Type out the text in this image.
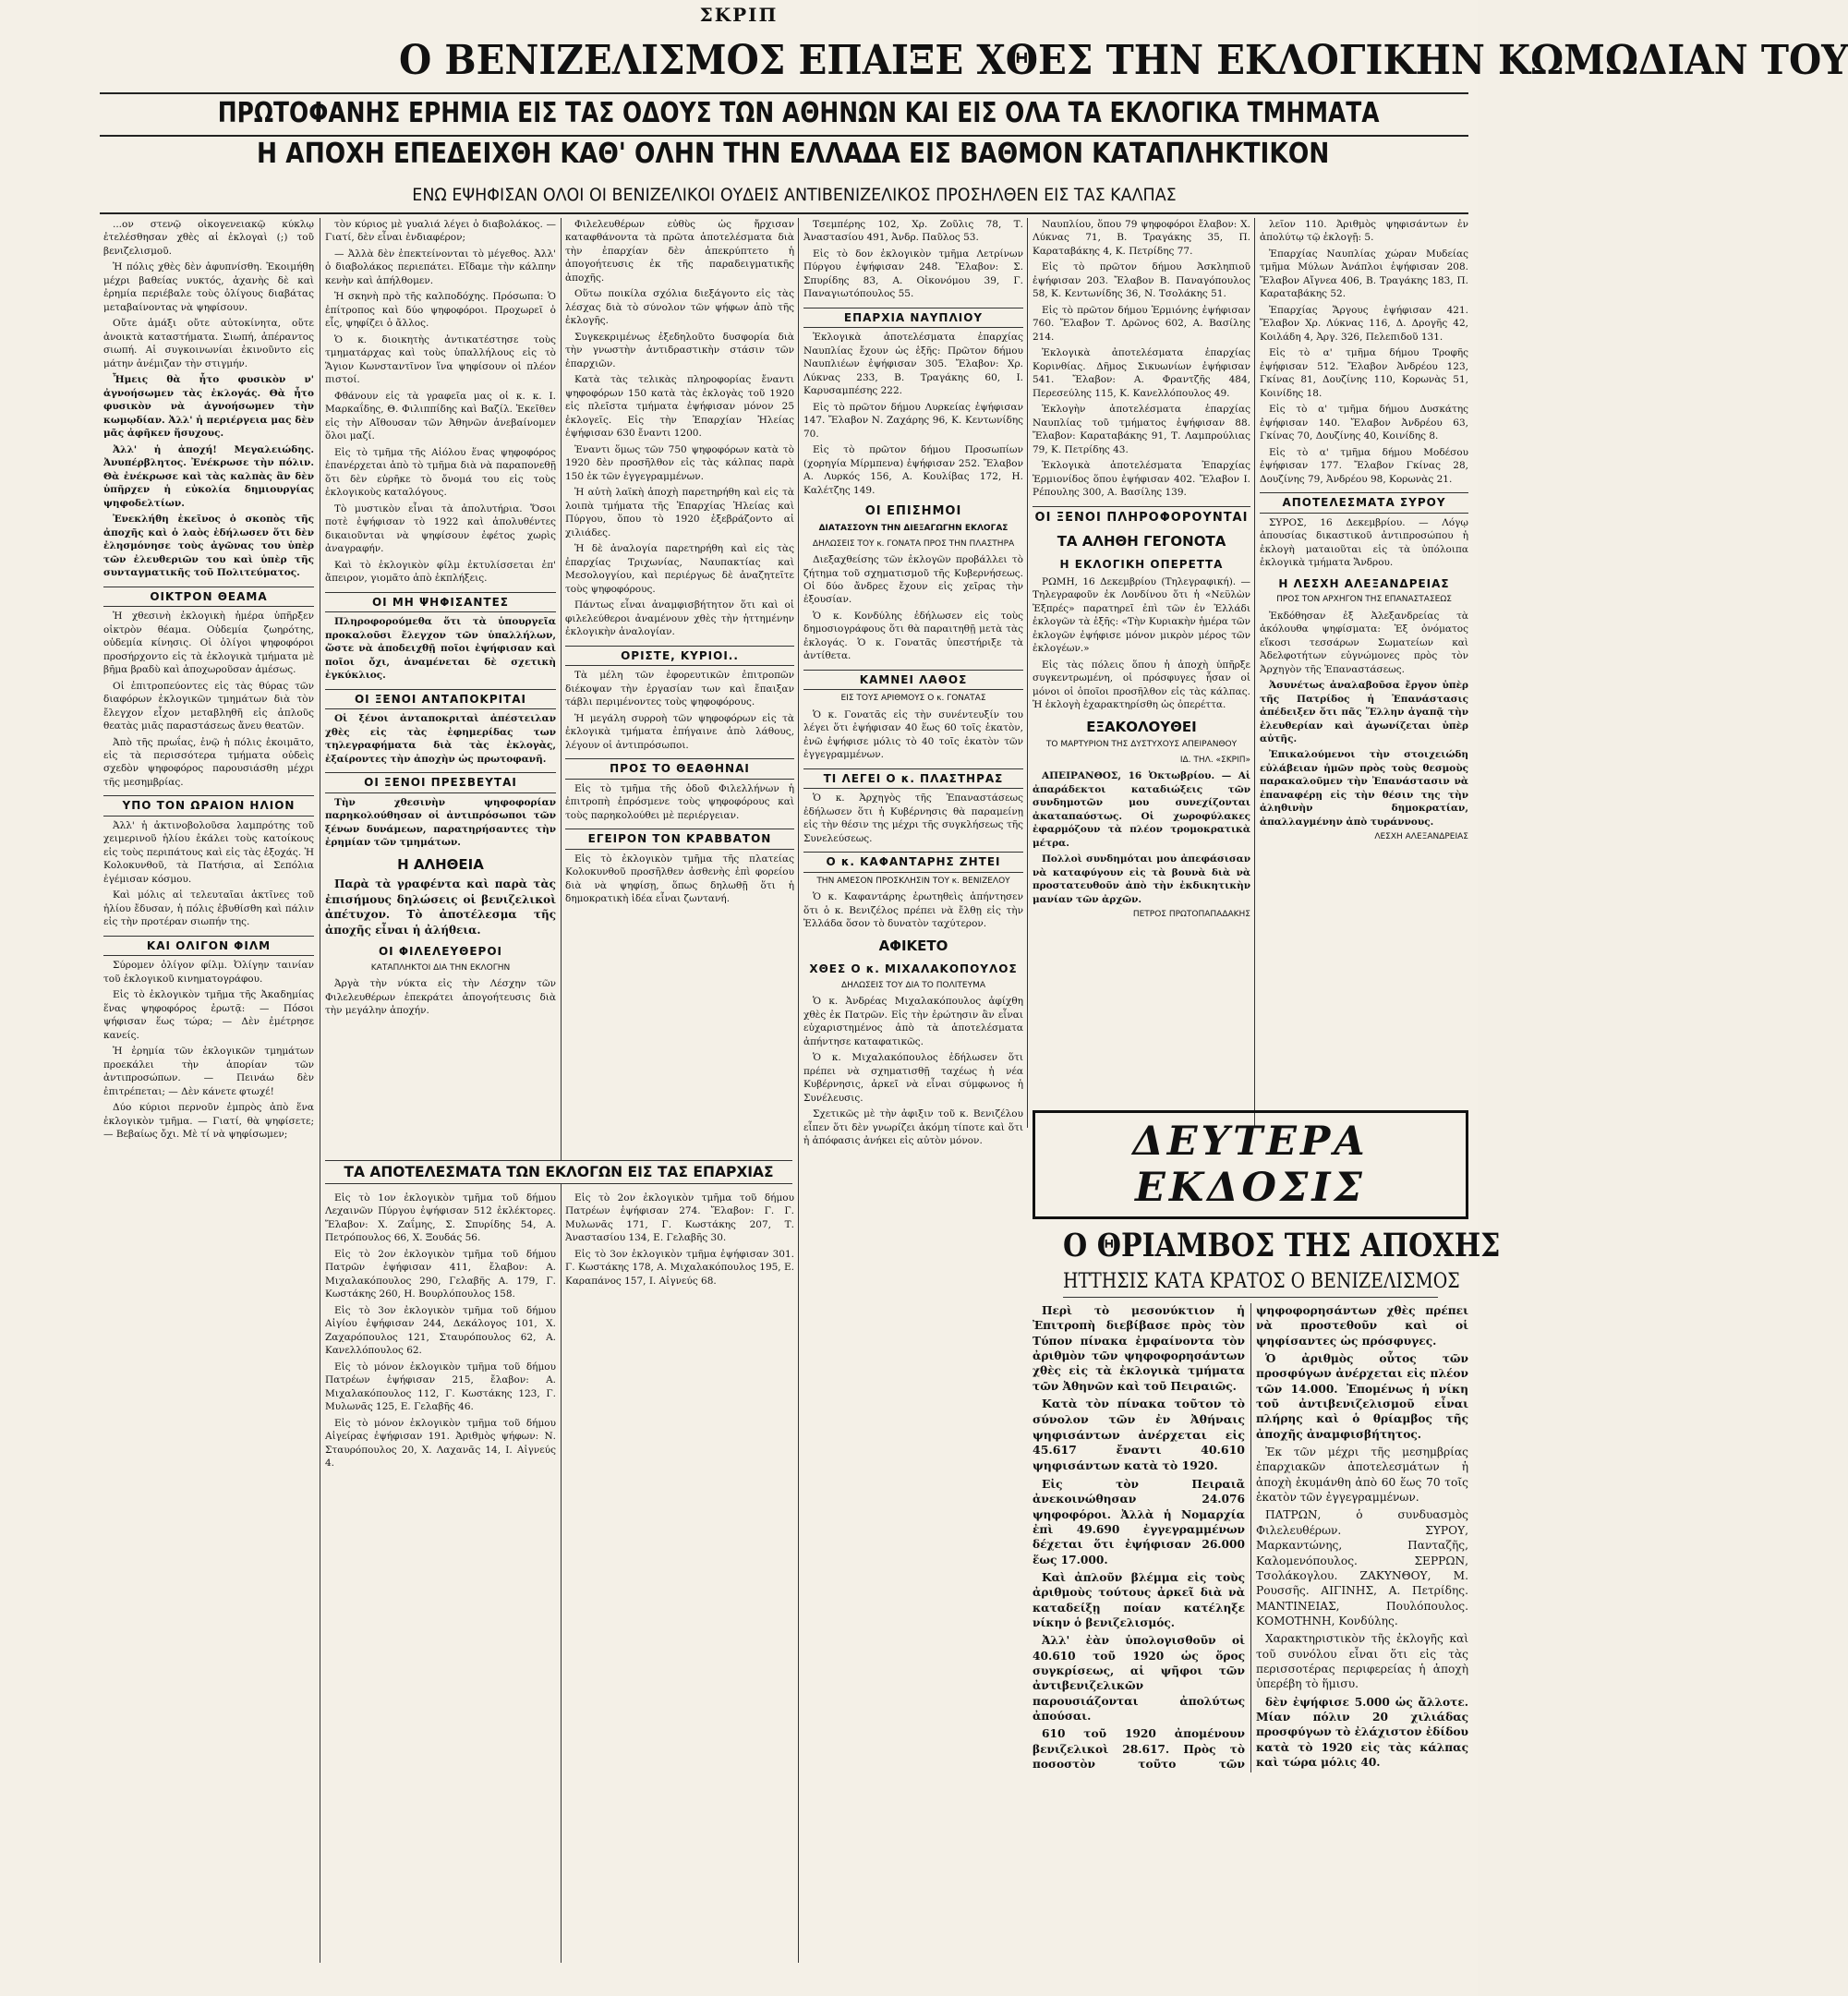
ΣΚΡΙΠ
Ο ΒΕΝΙΖΕΛΙΣΜΟΣ ΕΠΑΙΞΕ ΧΘΕΣ ΤΗΝ ΕΚΛΟΓΙΚΗΝ ΚΩΜΩΔΙΑΝ ΤΟΥ
ΠΡΩΤΟΦΑΝΗΣ ΕΡΗΜΙΑ ΕΙΣ ΤΑΣ ΟΔΟΥΣ ΤΩΝ ΑΘΗΝΩΝ ΚΑΙ ΕΙΣ ΟΛΑ ΤΑ ΕΚΛΟΓΙΚΑ ΤΜΗΜΑΤΑ
Η ΑΠΟΧΗ ΕΠΕΔΕΙΧΘΗ ΚΑΘ' ΟΛΗΝ ΤΗΝ ΕΛΛΑΔΑ ΕΙΣ ΒΑΘΜΟΝ ΚΑΤΑΠΛΗΚΤΙΚΟΝ
ΕΝΩ ΕΨΗΦΙΣΑΝ ΟΛΟΙ ΟΙ ΒΕΝΙΖΕΛΙΚΟΙ ΟΥΔΕΙΣ ΑΝΤΙΒΕΝΙΖΕΛΙΚΟΣ ΠΡΟΣΗΛΘΕΝ ΕΙΣ ΤΑΣ ΚΑΛΠΑΣ

...ον στενῷ οἰκογενειακῷ κύκλῳ ἐτελέσθησαν χθὲς αἱ ἐκλογαὶ (;) τοῦ βενιζελισμοῦ.

Ἡ πόλις χθὲς δὲν ἀφυπνίσθη. Ἐκοιμήθη μέχρι βαθείας νυκτός, ἀχανὴς δὲ καὶ ἐρημία περιέβαλε τοὺς ὀλίγους διαβάτας μεταβαίνοντας νὰ ψηφίσουν.

Οὔτε ἁμάξι οὔτε αὐτοκίνητα, οὔτε ἀνοικτὰ καταστήματα. Σιωπή, ἀπέραντος σιωπή. Αἱ συγκοινωνίαι ἐκινοῦντο εἰς μάτην ἀνέμιζαν τὴν στιγμήν.

Ἦμεις θὰ ἦτο φυσικὸν ν' ἀγνοήσωμεν τὰς ἐκλογάς. Θὰ ἦτο φυσικὸν νὰ ἀγνοήσωμεν τὴν κωμῳδίαν. Ἀλλ' ἡ περιέργεια μας δὲν μᾶς ἀφῆκεν ἥσυχους.

Ἀλλ' ἡ ἀποχή! Μεγαλειώδης. Ἀνυπέρβλητος. Ἐνέκρωσε τὴν πόλιν. Θὰ ἐνέκρωσε καὶ τὰς καλπὰς ἂν δὲν ὑπῆρχεν ἡ εὐκολία δημιουργίας ψηφοδελτίων.

Ἐνεκλήθη ἐκεῖνος ὁ σκοπὸς τῆς ἀποχῆς καὶ ὁ λαὸς ἐδήλωσεν ὅτι δὲν ἐλησμόνησε τοὺς ἀγῶνας του ὑπὲρ τῶν ἐλευθεριῶν του καὶ ὑπὲρ τῆς συνταγματικῆς τοῦ Πολιτεύματος.

ΟΙΚΤΡΟΝ ΘΕΑΜΑ

Ἡ χθεσινὴ ἐκλογικὴ ἡμέρα ὑπῆρξεν οἰκτρὸν θέαμα. Οὐδεμία ζωηρότης, οὐδεμία κίνησις. Οἱ ὀλίγοι ψηφοφόροι προσήρχοντο εἰς τὰ ἐκλογικὰ τμήματα μὲ βῆμα βραδὺ καὶ ἀποχωροῦσαν ἀμέσως.

Οἱ ἐπιτροπεύοντες εἰς τὰς θύρας τῶν διαφόρων ἐκλογικῶν τμημάτων διὰ τὸν ἔλεγχον εἶχον μεταβληθῆ εἰς ἀπλοῦς θεατὰς μιᾶς παραστάσεως ἄνευ θεατῶν.

Ἀπὸ τῆς πρωΐας, ἐνῷ ἡ πόλις ἐκοιμᾶτο, εἰς τὰ περισσότερα τμήματα οὐδεὶς σχεδὸν ψηφοφόρος παρουσιάσθη μέχρι τῆς μεσημβρίας.

ΥΠΟ ΤΟΝ ΩΡΑΙΟΝ ΗΛΙΟΝ

Ἀλλ' ἡ ἀκτινοβολοῦσα λαμπρότης τοῦ χειμερινοῦ ἡλίου ἐκάλει τοὺς κατοίκους εἰς τοὺς περιπάτους καὶ εἰς τὰς ἐξοχάς. Ἡ Κολοκυνθοῦ, τὰ Πατήσια, αἱ Σεπόλια ἐγέμισαν κόσμου.

Καὶ μόλις αἱ τελευταῖαι ἀκτῖνες τοῦ ἡλίου ἔδυσαν, ἡ πόλις ἐβυθίσθη καὶ πάλιν εἰς τὴν προτέραν σιωπήν της.

ΚΑΙ ΟΛΙΓΟΝ ΦΙΛΜ

Σύρομεν ὀλίγον φίλμ. Ὀλίγην ταινίαν τοῦ ἐκλογικοῦ κινηματογράφου.

Εἰς τὸ ἐκλογικὸν τμῆμα τῆς Ἀκαδημίας ἕνας ψηφοφόρος ἐρωτᾷ: — Πόσοι ψήφισαν ἕως τώρα; — Δὲν ἐμέτρησε κανείς.

Ἡ ἐρημία τῶν ἐκλογικῶν τμημάτων προεκάλει τὴν ἀπορίαν τῶν ἀντιπροσώπων. — Πεινάω δὲν ἐπιτρέπεται; — Δὲν κάνετε φτωχέ!

Δύο κύριοι περνοῦν ἐμπρὸς ἀπὸ ἕνα ἐκλογικὸν τμῆμα. — Γιατί, θὰ ψηφίσετε; — Βεβαίως ὄχι. Μὲ τί νὰ ψηφίσωμεν;

τὸν κύριος μὲ γυαλιά λέγει ὁ διαβολάκος. — Γιατί, δὲν εἶναι ἐνδιαφέρον;

— Ἀλλὰ δὲν ἐπεκτείνονται τὸ μέγεθος. Ἀλλ' ὁ διαβολάκος περιεπάτει. Εἴδαμε τὴν κάλπην κενὴν καὶ ἀπήλθομεν.

Ἡ σκηνὴ πρὸ τῆς καλποδόχης. Πρόσωπα: Ὁ ἐπίτροπος καὶ δύο ψηφοφόροι. Προχωρεῖ ὁ εἷς, ψηφίζει ὁ ἄλλος.

Ὁ κ. διοικητὴς ἀντικατέστησε τοὺς τμηματάρχας καὶ τοὺς ὑπαλλήλους εἰς τὸ Ἅγιον Κωνσταντῖνον ἵνα ψηφίσουν οἱ πλέον πιστοί.

Φθάνουν εἰς τὰ γραφεῖα μας οἱ κ. κ. Ι. Μαρκαΐδης, Θ. Φιλιππίδης καὶ Βαζίλ. Ἐκεῖθεν εἰς τὴν Αἴθουσαν τῶν Ἀθηνῶν ἀνεβαίνομεν ὅλοι μαζί.

Εἰς τὸ τμῆμα τῆς Αἰόλου ἕνας ψηφοφόρος ἐπανέρχεται ἀπὸ τὸ τμῆμα διὰ νὰ παραπονεθῇ ὅτι δὲν εὑρῆκε τὸ ὄνομά του εἰς τοὺς ἐκλογικοὺς καταλόγους.

Τὸ μυστικὸν εἶναι τὰ ἀπολυτήρια. Ὅσοι ποτὲ ἐψήφισαν τὸ 1922 καὶ ἀπολυθέντες δικαιοῦνται νὰ ψηφίσουν ἐφέτος χωρὶς ἀναγραφήν.

Καὶ τὸ ἐκλογικὸν φίλμ ἐκτυλίσσεται ἐπ' ἄπειρον, γιομᾶτο ἀπὸ ἐκπλήξεις.

ΟΙ ΜΗ ΨΗΦΙΣΑΝΤΕΣ

Πληροφορούμεθα ὅτι τὰ ὑπουργεῖα προκαλοῦσι ἔλεγχον τῶν ὑπαλλήλων, ὥστε νὰ ἀποδειχθῇ ποῖοι ἐψήφισαν καὶ ποῖοι ὄχι, ἀναμένεται δὲ σχετικὴ ἐγκύκλιος.

ΟΙ ΞΕΝΟΙ ΑΝΤΑΠΟΚΡΙΤΑΙ

Οἱ ξένοι ἀνταποκριταὶ ἀπέστειλαν χθὲς εἰς τὰς ἐφημερίδας των τηλεγραφήματα διὰ τὰς ἐκλογὰς, ἐξαίροντες τὴν ἀποχὴν ὡς πρωτοφανῆ.

ΟΙ ΞΕΝΟΙ ΠΡΕΣΒΕΥΤΑΙ

Τὴν χθεσινὴν ψηφοφορίαν παρηκολούθησαν οἱ ἀντιπρόσωποι τῶν ξένων δυνάμεων, παρατηρήσαντες τὴν ἐρημίαν τῶν τμημάτων.

Η ΑΛΗΘΕΙΑ

Παρὰ τὰ γραφέντα καὶ παρὰ τὰς ἐπισήμους δηλώσεις οἱ βενιζελικοὶ ἀπέτυχον. Τὸ ἀποτέλεσμα τῆς ἀποχῆς εἶναι ἡ ἀλήθεια.

ΟΙ ΦΙΛΕΛΕΥΘΕΡΟΙ
ΚΑΤΑΠΛΗΚΤΟΙ ΔΙΑ ΤΗΝ ΕΚΛΟΓΗΝ

Ἀργὰ τὴν νύκτα εἰς τὴν Λέσχην τῶν Φιλελευθέρων ἐπεκράτει ἀπογοήτευσις διὰ τὴν μεγάλην ἀποχήν.

ΤΑ ΑΠΟΤΕΛΕΣΜΑΤΑ ΤΩΝ ΕΚΛΟΓΩΝ ΕΙΣ ΤΑΣ ΕΠΑΡΧΙΑΣ

Εἰς τὸ 1ον ἐκλογικὸν τμῆμα τοῦ δήμου Λεχαινῶν Πύργου ἐψήφισαν 512 ἐκλέκτορες. Ἔλαβον: Χ. Ζαΐμης, Σ. Σπυρίδης 54, Α. Πετρόπουλος 66, Χ. Ξουδάς 56.

Εἰς τὸ 2ον ἐκλογικὸν τμῆμα τοῦ δήμου Πατρῶν ἐψήφισαν 411, ἔλαβον: Α. Μιχαλακόπουλος 290, Γελαβῆς Α. 179, Γ. Κωστάκης 260, Η. Βουρλόπουλος 158.

Εἰς τὸ 3ον ἐκλογικὸν τμῆμα τοῦ δήμου Αἰγίου ἐψήφισαν 244, Δεκάλογος 101, Χ. Ζαχαρόπουλος 121, Σταυρόπουλος 62, Α. Κανελλόπουλος 62.

Εἰς τὸ μόνον ἐκλογικὸν τμῆμα τοῦ δήμου Πατρέων ἐψήφισαν 215, ἔλαβον: Α. Μιχαλακόπουλος 112, Γ. Κωστάκης 123, Γ. Μυλωνᾶς 125, Ε. Γελαβῆς 46.

Εἰς τὸ μόνον ἐκλογικὸν τμῆμα τοῦ δήμου Αἰγείρας ἐψήφισαν 191. Ἀριθμὸς ψήφων: Ν. Σταυρόπουλος 20, Χ. Λαχανᾶς 14, Ι. Αἰγνεύς 4.

Φιλελευθέρων εὐθὺς ὡς ἤρχισαν καταφθάνοντα τὰ πρῶτα ἀποτελέσματα διὰ τὴν ἐπαρχίαν δὲν ἀπεκρύπτετο ἡ ἀπογοήτευσις ἐκ τῆς παραδειγματικῆς ἀποχῆς.

Οὕτω ποικίλα σχόλια διεξάγοντο εἰς τὰς λέσχας διὰ τὸ σύνολον τῶν ψήφων ἀπὸ τῆς ἐκλογῆς.

Συγκεκριμένως ἐξεδηλοῦτο δυσφορία διὰ τὴν γνωστὴν ἀντιδραστικὴν στάσιν τῶν ἐπαρχιῶν.

Κατὰ τὰς τελικὰς πληροφορίας ἔναντι ψηφοφόρων 150 κατὰ τὰς ἐκλογὰς τοῦ 1920 εἰς πλεῖστα τμήματα ἐψήφισαν μόνον 25 ἐκλογεῖς. Εἰς τὴν Ἐπαρχίαν Ἠλείας ἐψήφισαν 630 ἔναντι 1200.

Ἐναντι ὅμως τῶν 750 ψηφοφόρων κατὰ τὸ 1920 δὲν προσῆλθον εἰς τὰς κάλπας παρὰ 150 ἐκ τῶν ἐγγεγραμμένων.

Ἡ αὐτὴ λαϊκὴ ἀποχὴ παρετηρήθη καὶ εἰς τὰ λοιπὰ τμήματα τῆς Ἐπαρχίας Ἠλείας καὶ Πύργου, ὅπου τὸ 1920 ἐξεβράζοντο αἱ χιλιάδες.

Ἡ δὲ ἀναλογία παρετηρήθη καὶ εἰς τὰς ἐπαρχίας Τριχωνίας, Ναυπακτίας καὶ Μεσολογγίου, καὶ περιέργως δὲ ἀναζητεῖτε τοὺς ψηφοφόρους.

Πάντως εἶναι ἀναμφισβήτητον ὅτι καὶ οἱ φιλελεύθεροι ἀναμένουν χθὲς τὴν ἡττημένην ἐκλογικὴν ἀναλογίαν.

ΟΡΙΣΤΕ, ΚΥΡΙΟΙ..

Τὰ μέλη τῶν ἐφορευτικῶν ἐπιτροπῶν διέκοψαν τὴν ἐργασίαν των καὶ ἔπαιξαν τάβλι περιμένοντες τοὺς ψηφοφόρους.

Ἡ μεγάλη συρροὴ τῶν ψηφοφόρων εἰς τὰ ἐκλογικὰ τμήματα ἐπήγαινε ἀπὸ λάθους, λέγουν οἱ ἀντιπρόσωποι.

ΠΡΟΣ ΤΟ ΘΕΑΘΗΝΑΙ

Εἰς τὸ τμῆμα τῆς ὁδοῦ Φιλελλήνων ἡ ἐπιτροπὴ ἐπρόσμενε τοὺς ψηφοφόρους καὶ τοὺς παρηκολούθει μὲ περιέργειαν.

ΕΓΕΙΡΟΝ ΤΟΝ ΚΡΑΒΒΑΤΟΝ

Εἰς τὸ ἐκλογικὸν τμῆμα τῆς πλατείας Κολοκυνθοῦ προσῆλθεν ἀσθενὴς ἐπὶ φορείου διὰ νὰ ψηφίσῃ, ὅπως δηλωθῇ ὅτι ἡ δημοκρατικὴ ἰδέα εἶναι ζωντανή.

Εἰς τὸ 2ον ἐκλογικὸν τμῆμα τοῦ δήμου Πατρέων ἐψήφισαν 274. Ἔλαβον: Γ. Γ. Μυλωνᾶς 171, Γ. Κωστάκης 207, Τ. Ἀναστασίου 134, Ε. Γελαβῆς 30.

Εἰς τὸ 3ον ἐκλογικὸν τμῆμα ἐψήφισαν 301. Γ. Κωστάκης 178, Α. Μιχαλακόπουλος 195, Ε. Καραπάνος 157, Ι. Αἰγνεύς 68.

Τσεμπέρης 102, Χρ. Ζοῦλις 78, Τ. Ἀναστασίου 491, Ἀνδρ. Παῦλος 53.

Εἰς τὸ δον ἐκλογικὸν τμῆμα Λετρίνων Πύργου ἐψήφισαν 248. Ἔλαβον: Σ. Σπυρίδης 83, Α. Οἰκονόμου 39, Γ. Παναγιωτόπουλος 55.

ΕΠΑΡΧΙΑ ΝΑΥΠΛΙΟΥ

Ἐκλογικὰ ἀποτελέσματα ἐπαρχίας Ναυπλίας ἔχουν ὡς ἑξῆς: Πρῶτον δήμου Ναυπλιέων ἐψήφισαν 305. Ἔλαβον: Χρ. Λύκνας 233, Β. Τραγάκης 60, Ι. Καρυσαμπέσης 222.

Εἰς τὸ πρῶτον δήμου Λυρκείας ἐψήφισαν 147. Ἔλαβον Ν. Ζαχάρης 96, Κ. Κεντωνίδης 70.

Εἰς τὸ πρῶτον δήμου Προσωπίων (χορηγία Μίρμπενα) ἐψήφισαν 252. Ἔλαβον Α. Λυρκός 156, Α. Κουλίβας 172, Η. Καλέτζης 149.

ΟΙ ΕΠΙΣΗΜΟΙ
ΔΙΑΤΑΣΣΟΥΝ ΤΗΝ ΔΙΕΞΑΓΩΓΗΝ ΕΚΛΟΓΑΣ
ΔΗΛΩΣΕΙΣ ΤΟΥ κ. ΓΟΝΑΤΑ ΠΡΟΣ ΤΗΝ ΠΛΑΣΤΗΡΑ

Διεξαχθείσης τῶν ἐκλογῶν προβάλλει τὸ ζήτημα τοῦ σχηματισμοῦ τῆς Κυβερνήσεως. Οἱ δύο ἄνδρες ἔχουν εἰς χεῖρας τὴν ἐξουσίαν.

Ὁ κ. Κονδύλης ἐδήλωσεν εἰς τοὺς δημοσιογράφους ὅτι θὰ παραιτηθῇ μετὰ τὰς ἐκλογάς. Ὁ κ. Γονατᾶς ὑπεστήριξε τὰ ἀντίθετα.

ΚΑΜΝΕΙ ΛΑΘΟΣ
ΕΙΣ ΤΟΥΣ ΑΡΙΘΜΟΥΣ Ο κ. ΓΟΝΑΤΑΣ

Ὁ κ. Γονατᾶς εἰς τὴν συνέντευξίν του λέγει ὅτι ἐψήφισαν 40 ἕως 60 τοῖς ἑκατὸν, ἐνῶ ἐψήφισε μόλις τὸ 40 τοῖς ἑκατὸν τῶν ἐγγεγραμμένων.

ΤΙ ΛΕΓΕΙ Ο κ. ΠΛΑΣΤΗΡΑΣ

Ὁ κ. Ἀρχηγὸς τῆς Ἐπαναστάσεως ἐδήλωσεν ὅτι ἡ Κυβέρνησις θὰ παραμείνῃ εἰς τὴν θέσιν της μέχρι τῆς συγκλήσεως τῆς Συνελεύσεως.

Ο κ. ΚΑΦΑΝΤΑΡΗΣ ΖΗΤΕΙ
ΤΗΝ ΑΜΕΣΟΝ ΠΡΟΣΚΛΗΣΙΝ ΤΟΥ κ. ΒΕΝΙΖΕΛΟΥ

Ὁ κ. Καφαντάρης ἐρωτηθεὶς ἀπήντησεν ὅτι ὁ κ. Βενιζέλος πρέπει νὰ ἔλθῃ εἰς τὴν Ἑλλάδα ὅσον τὸ δυνατὸν ταχύτερον.

ΑΦΙΚΕΤΟ
ΧΘΕΣ Ο κ. ΜΙΧΑΛΑΚΟΠΟΥΛΟΣ
ΔΗΛΩΣΕΙΣ ΤΟΥ ΔΙΑ ΤΟ ΠΟΛΙΤΕΥΜΑ

Ὁ κ. Ἀνδρέας Μιχαλακόπουλος ἀφίχθη χθὲς ἐκ Πατρῶν. Εἰς τὴν ἐρώτησιν ἂν εἶναι εὐχαριστημένος ἀπὸ τὰ ἀποτελέσματα ἀπήντησε καταφατικῶς.

Ὁ κ. Μιχαλακόπουλος ἐδήλωσεν ὅτι πρέπει νὰ σχηματισθῇ ταχέως ἡ νέα Κυβέρνησις, ἀρκεῖ νὰ εἶναι σύμφωνος ἡ Συνέλευσις.

Σχετικῶς μὲ τὴν ἀφιξιν τοῦ κ. Βενιζέλου εἶπεν ὅτι δὲν γνωρίζει ἀκόμη τίποτε καὶ ὅτι ἡ ἀπόφασις ἀνήκει εἰς αὐτὸν μόνον.

Ναυπλίου, ὅπου 79 ψηφοφόροι ἔλαβον: Χ. Λύκνας 71, Β. Τραγάκης 35, Π. Καραταβάκης 4, Κ. Πετρίδης 77.

Εἰς τὸ πρῶτον δήμου Ἀσκληπιοῦ ἐψήφισαν 203. Ἔλαβον Β. Παναγόπουλος 58, Κ. Κεντωνίδης 36, Ν. Τσολάκης 51.

Εἰς τὸ πρῶτον δήμου Ἑρμιόνης ἐψήφισαν 760. Ἔλαβον Τ. Δρῶνος 602, Α. Βασίλης 214.

Ἐκλογικὰ ἀποτελέσματα ἐπαρχίας Κορινθίας. Δῆμος Σικυωνίων ἐψήφισαν 541. Ἔλαβον: Α. Φραντζῆς 484, Περεσεύλης 115, Κ. Κανελλόπουλος 49.

Ἐκλογὴν ἀποτελέσματα ἐπαρχίας Ναυπλίας τοῦ τμήματος ἐψήφισαν 88. Ἔλαβον: Καραταβάκης 91, Τ. Λαμπρούλιας 79, Κ. Πετρίδης 43.

Ἐκλογικὰ ἀποτελέσματα Ἐπαρχίας Ἑρμιονίδος ὅπου ἐψήφισαν 402. Ἔλαβον Ι. Ρέπουλης 300, Α. Βασίλης 139.

ΟΙ ΞΕΝΟΙ ΠΛΗΡΟΦΟΡΟΥΝΤΑΙ
ΤΑ ΑΛΗΘΗ ΓΕΓΟΝΟΤΑ
Η ΕΚΛΟΓΙΚΗ ΟΠΕΡΕΤΤΑ

ΡΩΜΗ, 16 Δεκεμβρίου (Τηλεγραφική). — Τηλεγραφοῦν ἐκ Λονδίνου ὅτι ἡ «Νεϋλὼν Ἐξπρές» παρατηρεῖ ἐπὶ τῶν ἐν Ἑλλάδι ἐκλογῶν τὰ ἑξῆς: «Τὴν Κυριακὴν ἡμέρα τῶν ἐκλογῶν ἐψήφισε μόνον μικρὸν μέρος τῶν ἐκλογέων.»

Εἰς τὰς πόλεις ὅπου ἡ ἀποχὴ ὑπῆρξε συγκεντρωμένη, οἱ πρόσφυγες ἦσαν οἱ μόνοι οἱ ὁποῖοι προσῆλθον εἰς τὰς κάλπας. Ἡ ἐκλογὴ ἐχαρακτηρίσθη ὡς ὀπερέττα.

ΕΞΑΚΟΛΟΥΘΕΙ
ΤΟ ΜΑΡΤΥΡΙΟΝ ΤΗΣ ΔΥΣΤΥΧΟΥΣ ΑΠΕΙΡΑΝΘΟΥ
ΙΔ. ΤΗΛ. «ΣΚΡΙΠ»

ΑΠΕΙΡΑΝΘΟΣ, 16 Ὀκτωβρίου. — Αἱ ἀπαράδεκτοι καταδιώξεις τῶν συνδημοτῶν μου συνεχίζονται ἀκαταπαύστως. Οἱ χωροφύλακες ἐφαρμόζουν τὰ πλέον τρομοκρατικὰ μέτρα.

Πολλοὶ συνδημόται μου ἀπεφάσισαν νὰ καταφύγουν εἰς τὰ βουνὰ διὰ νὰ προστατευθοῦν ἀπὸ τὴν ἐκδικητικὴν μανίαν τῶν ἀρχῶν.

ΠΕΤΡΟΣ ΠΡΩΤΟΠΑΠΑΔΑΚΗΣ

λεῖον 110. Ἀριθμὸς ψηφισάντων ἐν ἀπολύτῳ τῷ ἐκλογῇ: 5.

Ἐπαρχίας Ναυπλίας χώραν Μυδείας τμῆμα Μύλων Ἀνάπλοι ἐψήφισαν 208. Ἔλαβον Αἴγνεα 406, Β. Τραγάκης 183, Π. Καραταβάκης 52.

Ἐπαρχίας Ἄργους ἐψήφισαν 421. Ἔλαβον Χρ. Λύκνας 116, Δ. Δρογῆς 42, Κοιλάδη 4, Ἀργ. 326, Πελεπιδοῦ 131.

Εἰς τὸ α' τμῆμα δήμου Τροφῆς ἐψήφισαν 512. Ἔλαβον Ἀνδρέου 123, Γκίνας 81, Δουζίνης 110, Κορωνὰς 51, Κοινίδης 18.

Εἰς τὸ α' τμῆμα δήμου Δυσκάτης ἐψήφισαν 140. Ἔλαβον Ἀνδρέου 63, Γκίνας 70, Δουζίνης 40, Κοινίδης 8.

Εἰς τὸ α' τμῆμα δήμου Μοδέσου ἐψήφισαν 177. Ἔλαβον Γκίνας 28, Δουζίνης 79, Ἀνδρέου 98, Κορωνὰς 21.

ΑΠΟΤΕΛΕΣΜΑΤΑ ΣΥΡΟΥ

ΣΥΡΟΣ, 16 Δεκεμβρίου. — Λόγῳ ἀπουσίας δικαστικοῦ ἀντιπροσώπου ἡ ἐκλογὴ ματαιοῦται εἰς τὰ ὑπόλοιπα ἐκλογικὰ τμήματα Ἄνδρου.

Η ΛΕΣΧΗ ΑΛΕΞΑΝΔΡΕΙΑΣ
ΠΡΟΣ ΤΟΝ ΑΡΧΗΓΟΝ ΤΗΣ ΕΠΑΝΑΣΤΑΣΕΩΣ

Ἐκδόθησαν ἐξ Ἀλεξανδρείας τὰ ἀκόλουθα ψηφίσματα: Ἐξ ὀνόματος εἴκοσι τεσσάρων Σωματείων καὶ Ἀδελφοτήτων εὐγνώμονες πρὸς τὸν Ἀρχηγὸν τῆς Ἐπαναστάσεως.

Ἀσυνέτως ἀναλαβοῦσα ἔργον ὑπὲρ τῆς Πατρίδος ἡ Ἐπανάστασις ἀπέδειξεν ὅτι πᾶς Ἕλλην ἀγαπᾷ τὴν ἐλευθερίαν καὶ ἀγωνίζεται ὑπὲρ αὐτῆς.

Ἐπικαλούμενοι τὴν στοιχειώδη εὐλάβειαν ἡμῶν πρὸς τοὺς θεσμοὺς παρακαλοῦμεν τὴν Ἐπανάστασιν νὰ ἐπαναφέρῃ εἰς τὴν θέσιν της τὴν ἀληθινὴν δημοκρατίαν, ἀπαλλαγμένην ἀπὸ τυράννους.

ΛΕΣΧΗ ΑΛΕΞΑΝΔΡΕΙΑΣ
ΔΕΥΤΕΡΑ ΕΚΔΟΣΙΣ
Ο ΘΡΙΑΜΒΟΣ ΤΗΣ ΑΠΟΧΗΣ
ΗΤΤΗΣΙΣ ΚΑΤΑ ΚΡΑΤΟΣ Ο ΒΕΝΙΖΕΛΙΣΜΟΣ

Περὶ τὸ μεσονύκτιον ἡ Ἐπιτροπὴ διεβίβασε πρὸς τὸν Τύπον πίνακα ἐμφαίνοντα τὸν ἀριθμὸν τῶν ψηφοφορησάντων χθὲς εἰς τὰ ἐκλογικὰ τμήματα τῶν Ἀθηνῶν καὶ τοῦ Πειραιῶς.

Κατὰ τὸν πίνακα τοῦτον τὸ σύνολον τῶν ἐν Ἀθήναις ψηφισάντων ἀνέρχεται εἰς 45.617 ἔναντι 40.610 ψηφισάντων κατὰ τὸ 1920.

Εἰς τὸν Πειραιᾶ ἀνεκοινώθησαν 24.076 ψηφοφόροι. Ἀλλὰ ἡ Νομαρχία ἐπὶ 49.690 ἐγγεγραμμένων δέχεται ὅτι ἐψήφισαν 26.000 ἕως 17.000.

Καὶ ἀπλοῦν βλέμμα εἰς τοὺς ἀριθμοὺς τούτους ἀρκεῖ διὰ νὰ καταδείξῃ ποίαν κατέληξε νίκην ὁ βενιζελισμός.

Ἀλλ' ἐὰν ὑπολογισθοῦν οἱ 40.610 τοῦ 1920 ὡς ὅρος συγκρίσεως, αἱ ψῆφοι τῶν ἀντιβενιζελικῶν παρουσιάζονται ἀπολύτως ἀπούσαι.

610 τοῦ 1920 ἀπομένουν βενιζελικοὶ 28.617. Πρὸς τὸ ποσοστὸν τοῦτο τῶν ψηφοφορησάντων χθὲς πρέπει νὰ προστεθοῦν καὶ οἱ ψηφίσαντες ὡς πρόσφυγες.

Ὁ ἀριθμὸς οὗτος τῶν προσφύγων ἀνέρχεται εἰς πλέον τῶν 14.000. Ἐπομένως ἡ νίκη τοῦ ἀντιβενιζελισμοῦ εἶναι πλήρης καὶ ὁ θρίαμβος τῆς ἀποχῆς ἀναμφισβήτητος.

Ἐκ τῶν μέχρι τῆς μεσημβρίας ἐπαρχιακῶν ἀποτελεσμάτων ἡ ἀποχὴ ἐκυμάνθη ἀπὸ 60 ἕως 70 τοῖς ἑκατὸν τῶν ἐγγεγραμμένων.

ΠΑΤΡΩΝ, ὁ συνδυασμὸς Φιλελευθέρων. ΣΥΡΟΥ, Μαρκαντώνης, Πανταζῆς, Καλομενόπουλος. ΣΕΡΡΩΝ, Τσολάκογλου. ΖΑΚΥΝΘΟΥ, Μ. Ρουσσῆς. ΑΙΓΙΝΗΣ, Α. Πετρίδης. ΜΑΝΤΙΝΕΙΑΣ, Πουλόπουλος. ΚΟΜΟΤΗΝΗ, Κονδύλης.

Χαρακτηριστικὸν τῆς ἐκλογῆς καὶ τοῦ συνόλου εἶναι ὅτι εἰς τὰς περισσοτέρας περιφερείας ἡ ἀποχὴ ὑπερέβη τὸ ἥμισυ.

δὲν ἐψήφισε 5.000 ὡς ἄλλοτε. Μίαν πόλιν 20 χιλιάδας προσφύγων τὸ ἐλάχιστον ἐδίδου κατὰ τὸ 1920 εἰς τὰς κάλπας καὶ τώρα μόλις 40.
